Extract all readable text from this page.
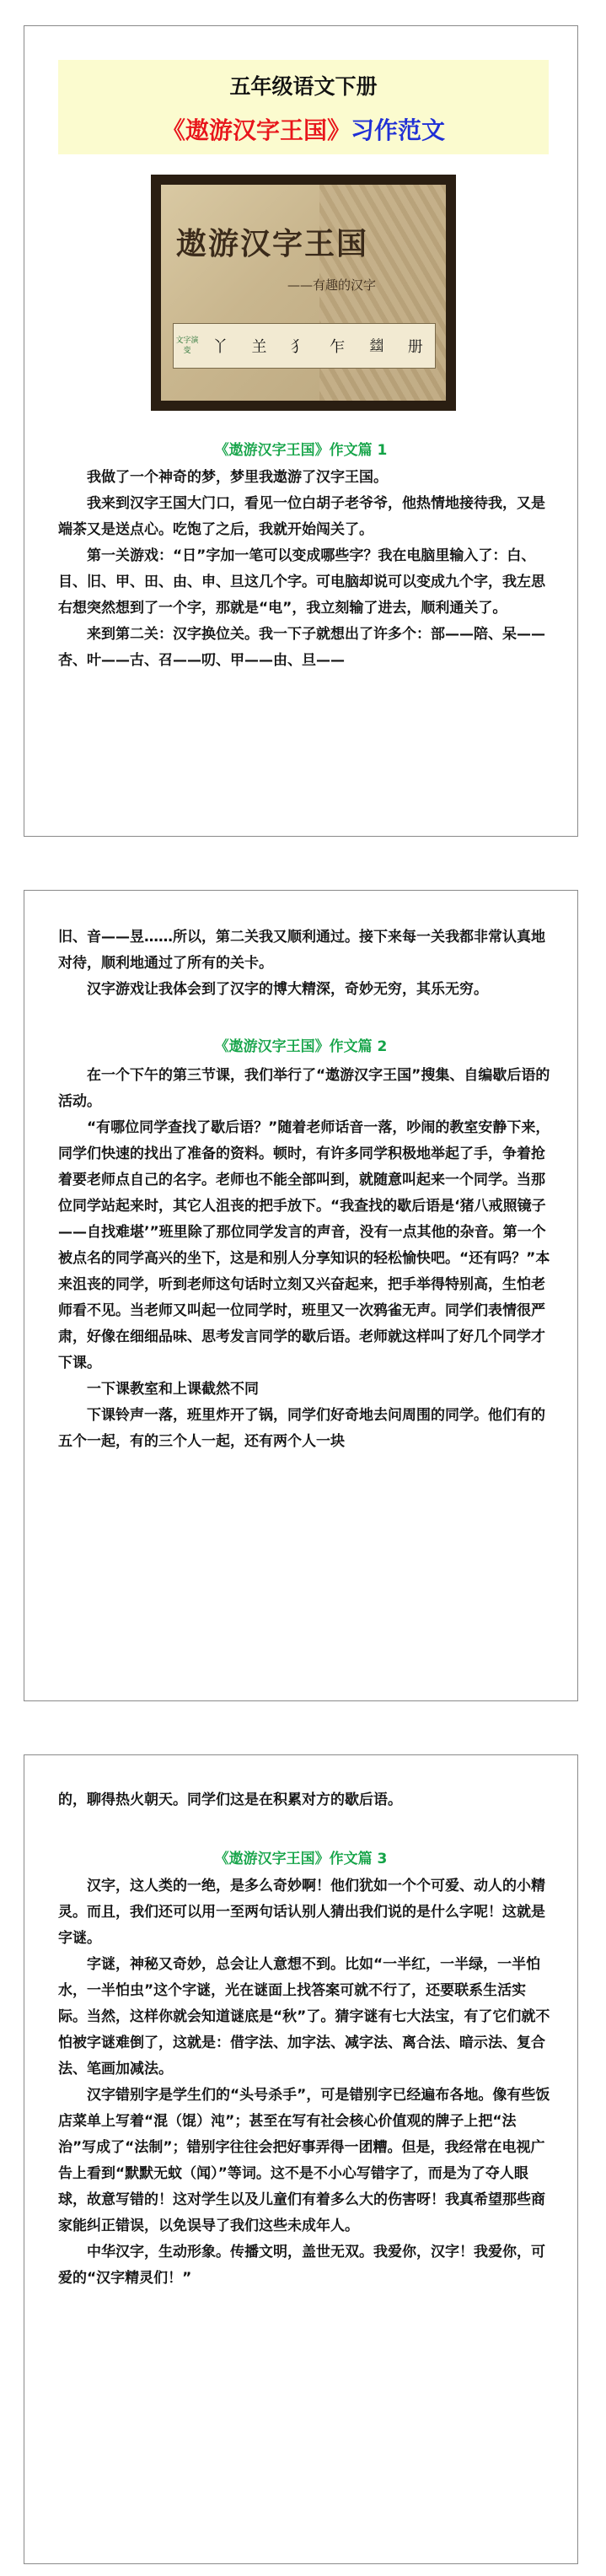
五年级语文下册
《遨游汉字王国》习作范文
遨游汉字王国
——有趣的汉字
文字演变	丫	𦍌	犭	乍	𢇍	册
《遨游汉字王国》作文篇 1

我做了一个神奇的梦，梦里我遨游了汉字王国。

我来到汉字王国大门口，看见一位白胡子老爷爷，他热情地接待我，又是端茶又是送点心。吃饱了之后，我就开始闯关了。

第一关游戏：“日”字加一笔可以变成哪些字？我在电脑里输入了：白、目、旧、甲、田、由、申、旦这几个字。可电脑却说可以变成九个字，我左思右想突然想到了一个字，那就是“电”，我立刻输了进去，顺利通关了。

来到第二关：汉字换位关。我一下子就想出了许多个：部——陪、呆——杏、叶——古、召——叨、甲——由、旦——

旧、音——昱……所以，第二关我又顺利通过。接下来每一关我都非常认真地对待，顺利地通过了所有的关卡。

汉字游戏让我体会到了汉字的博大精深，奇妙无穷，其乐无穷。

《遨游汉字王国》作文篇 2

在一个下午的第三节课，我们举行了“遨游汉字王国”搜集、自编歇后语的活动。

“有哪位同学查找了歇后语？”随着老师话音一落，吵闹的教室安静下来，同学们快速的找出了准备的资料。顿时，有许多同学积极地举起了手，争着抢着要老师点自己的名字。老师也不能全部叫到，就随意叫起来一个同学。当那位同学站起来时，其它人沮丧的把手放下。“我查找的歇后语是‘猪八戒照镜子——自找难堪’”班里除了那位同学发言的声音，没有一点其他的杂音。第一个被点名的同学高兴的坐下，这是和别人分享知识的轻松愉快吧。“还有吗？”本来沮丧的同学，听到老师这句话时立刻又兴奋起来，把手举得特别高，生怕老师看不见。当老师又叫起一位同学时，班里又一次鸦雀无声。同学们表情很严肃，好像在细细品味、思考发言同学的歇后语。老师就这样叫了好几个同学才下课。

一下课教室和上课截然不同

下课铃声一落，班里炸开了锅，同学们好奇地去问周围的同学。他们有的五个一起，有的三个人一起，还有两个人一块

的，聊得热火朝天。同学们这是在积累对方的歇后语。

《遨游汉字王国》作文篇 3

汉字，这人类的一绝，是多么奇妙啊！他们犹如一个个可爱、动人的小精灵。而且，我们还可以用一至两句话认别人猜出我们说的是什么字呢！这就是字谜。

字谜，神秘又奇妙，总会让人意想不到。比如“一半红，一半绿，一半怕水，一半怕虫”这个字谜，光在谜面上找答案可就不行了，还要联系生活实际。当然，这样你就会知道谜底是“秋”了。猜字谜有七大法宝，有了它们就不怕被字谜难倒了，这就是：借字法、加字法、减字法、离合法、暗示法、复合法、笔画加减法。

汉字错别字是学生们的“头号杀手”，可是错别字已经遍布各地。像有些饭店菜单上写着“混（馄）沌”；甚至在写有社会核心价值观的牌子上把“法治”写成了“法制”；错别字往往会把好事弄得一团糟。但是，我经常在电视广告上看到“默默无蚊（闻）”等词。这不是不小心写错字了，而是为了夺人眼球，故意写错的！这对学生以及儿童们有着多么大的伤害呀！我真希望那些商家能纠正错误，以免误导了我们这些未成年人。

中华汉字，生动形象。传播文明，盖世无双。我爱你，汉字！我爱你，可爱的“汉字精灵们！”
